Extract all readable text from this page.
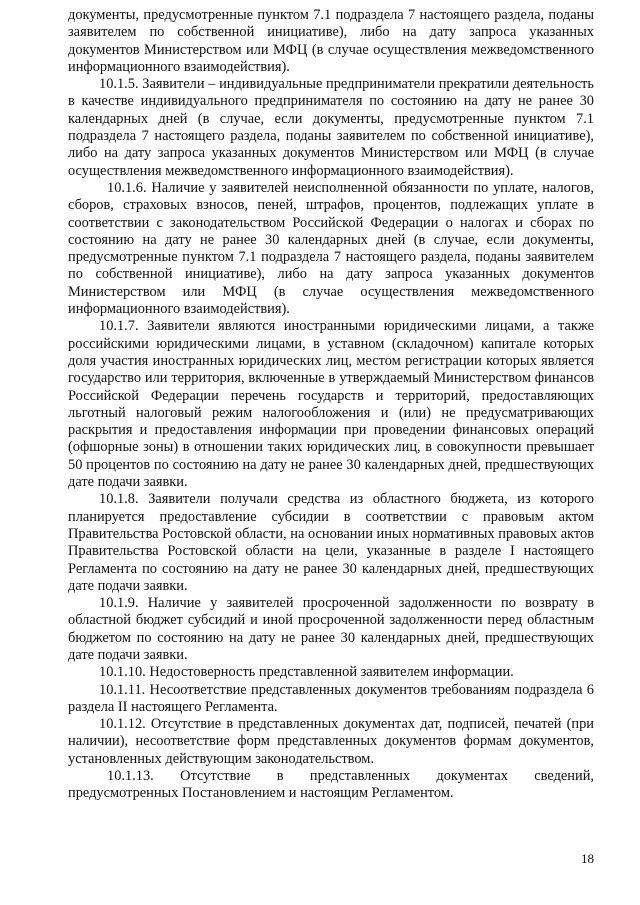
документы, предусмотренные пунктом 7.1 подраздела 7 настоящего раздела, поданы заявителем по собственной инициативе), либо на дату запроса указанных документов Министерством или МФЦ (в случае осуществления межведомственного информационного взаимодействия).

10.1.5. Заявители – индивидуальные предприниматели прекратили деятельность в качестве индивидуального предпринимателя по состоянию на дату не ранее 30 календарных дней (в случае, если документы, предусмотренные пунктом 7.1 подраздела 7 настоящего раздела, поданы заявителем по собственной инициативе), либо на дату запроса указанных документов Министерством или МФЦ (в случае осуществления межведомственного информационного взаимодействия).

10.1.6. Наличие у заявителей неисполненной обязанности по уплате, налогов, сборов, страховых взносов, пеней, штрафов, процентов, подлежащих уплате в соответствии с законодательством Российской Федерации о налогах и сборах по состоянию на дату не ранее 30 календарных дней (в случае, если документы, предусмотренные пунктом 7.1 подраздела 7 настоящего раздела, поданы заявителем по собственной инициативе), либо на дату запроса указанных документов Министерством или МФЦ (в случае осуществления межведомственного информационного взаимодействия).

10.1.7. Заявители являются иностранными юридическими лицами, а также российскими юридическими лицами, в уставном (складочном) капитале которых доля участия иностранных юридических лиц, местом регистрации которых является государство или территория, включенные в утверждаемый Министерством финансов Российской Федерации перечень государств и территорий, предоставляющих льготный налоговый режим налогообложения и (или) не предусматривающих раскрытия и предоставления информации при проведении финансовых операций (офшорные зоны) в отношении таких юридических лиц, в совокупности превышает 50 процентов по состоянию на дату не ранее 30 календарных дней, предшествующих дате подачи заявки.

10.1.8. Заявители получали средства из областного бюджета, из которого планируется предоставление субсидии в соответствии с правовым актом Правительства Ростовской области, на основании иных нормативных правовых актов Правительства Ростовской области на цели, указанные в разделе I настоящего Регламента по состоянию на дату не ранее 30 календарных дней, предшествующих дате подачи заявки.

10.1.9. Наличие у заявителей просроченной задолженности по возврату в областной бюджет субсидий и иной просроченной задолженности перед областным бюджетом по состоянию на дату не ранее 30 календарных дней, предшествующих дате подачи заявки.

10.1.10. Недостоверность представленной заявителем информации.

10.1.11. Несоответствие представленных документов требованиям подраздела 6 раздела II настоящего Регламента.

10.1.12. Отсутствие в представленных документах дат, подписей, печатей (при наличии), несоответствие форм представленных документов формам документов, установленных действующим законодательством.

10.1.13. Отсутствие в представленных документах сведений, предусмотренных Постановлением и настоящим Регламентом.

18
